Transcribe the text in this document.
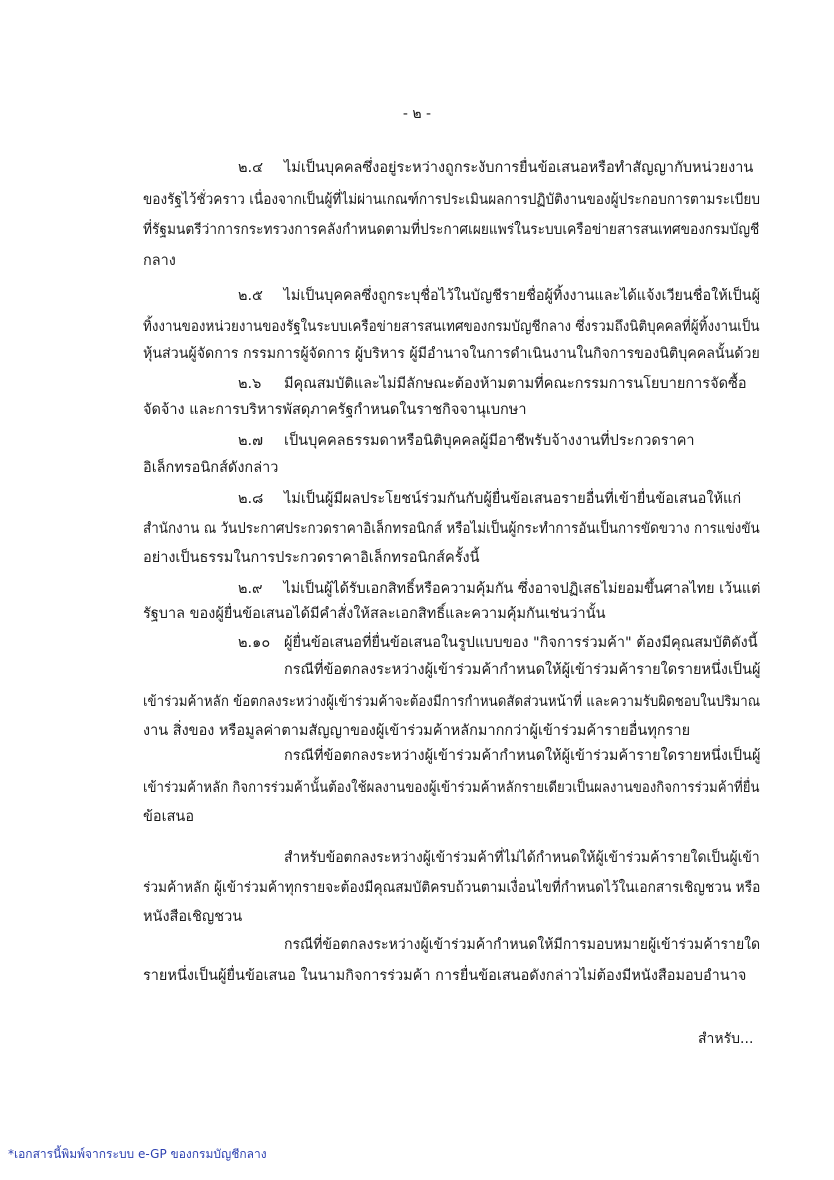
- ๒ -
๒.๔ ไม่เป็นบุคคลซึ่งอยู่ระหว่างถูกระงับการยื่นข้อเสนอหรือทำสัญญากับหน่วยงาน
ของรัฐไว้ชั่วคราว เนื่องจากเป็นผู้ที่ไม่ผ่านเกณฑ์การประเมินผลการปฏิบัติงานของผู้ประกอบการตามระเบียบ
ที่รัฐมนตรีว่าการกระทรวงการคลังกำหนดตามที่ประกาศเผยแพร่ในระบบเครือข่ายสารสนเทศของกรมบัญชี
กลาง
๒.๕ ไม่เป็นบุคคลซึ่งถูกระบุชื่อไว้ในบัญชีรายชื่อผู้ทิ้งงานและได้แจ้งเวียนชื่อให้เป็นผู้
ทิ้งงานของหน่วยงานของรัฐในระบบเครือข่ายสารสนเทศของกรมบัญชีกลาง ซึ่งรวมถึงนิติบุคคลที่ผู้ทิ้งงานเป็น
หุ้นส่วนผู้จัดการ กรรมการผู้จัดการ ผู้บริหาร ผู้มีอำนาจในการดำเนินงานในกิจการของนิติบุคคลนั้นด้วย
๒.๖ มีคุณสมบัติและไม่มีลักษณะต้องห้ามตามที่คณะกรรมการนโยบายการจัดซื้อ
จัดจ้าง และการบริหารพัสดุภาครัฐกำหนดในราชกิจจานุเบกษา
๒.๗ เป็นบุคคลธรรมดาหรือนิติบุคคลผู้มีอาชีพรับจ้างงานที่ประกวดราคา
อิเล็กทรอนิกส์ดังกล่าว
๒.๘ ไม่เป็นผู้มีผลประโยชน์ร่วมกันกับผู้ยื่นข้อเสนอรายอื่นที่เข้ายื่นข้อเสนอให้แก่
สำนักงาน ณ วันประกาศประกวดราคาอิเล็กทรอนิกส์ หรือไม่เป็นผู้กระทำการอันเป็นการขัดขวาง การแข่งขัน
อย่างเป็นธรรมในการประกวดราคาอิเล็กทรอนิกส์ครั้งนี้
๒.๙ ไม่เป็นผู้ได้รับเอกสิทธิ์หรือความคุ้มกัน ซึ่งอาจปฏิเสธไม่ยอมขึ้นศาลไทย เว้นแต่
รัฐบาล ของผู้ยื่นข้อเสนอได้มีคำสั่งให้สละเอกสิทธิ์และความคุ้มกันเช่นว่านั้น
๒.๑๐ ผู้ยื่นข้อเสนอที่ยื่นข้อเสนอในรูปแบบของ "กิจการร่วมค้า" ต้องมีคุณสมบัติดังนี้
กรณีที่ข้อตกลงระหว่างผู้เข้าร่วมค้ากำหนดให้ผู้เข้าร่วมค้ารายใดรายหนึ่งเป็นผู้
เข้าร่วมค้าหลัก ข้อตกลงระหว่างผู้เข้าร่วมค้าจะต้องมีการกำหนดสัดส่วนหน้าที่ และความรับผิดชอบในปริมาณ
งาน สิ่งของ หรือมูลค่าตามสัญญาของผู้เข้าร่วมค้าหลักมากกว่าผู้เข้าร่วมค้ารายอื่นทุกราย
กรณีที่ข้อตกลงระหว่างผู้เข้าร่วมค้ากำหนดให้ผู้เข้าร่วมค้ารายใดรายหนึ่งเป็นผู้
เข้าร่วมค้าหลัก กิจการร่วมค้านั้นต้องใช้ผลงานของผู้เข้าร่วมค้าหลักรายเดียวเป็นผลงานของกิจการร่วมค้าที่ยื่น
ข้อเสนอ
สำหรับข้อตกลงระหว่างผู้เข้าร่วมค้าที่ไม่ได้กำหนดให้ผู้เข้าร่วมค้ารายใดเป็นผู้เข้า
ร่วมค้าหลัก ผู้เข้าร่วมค้าทุกรายจะต้องมีคุณสมบัติครบถ้วนตามเงื่อนไขที่กำหนดไว้ในเอกสารเชิญชวน หรือ
หนังสือเชิญชวน
กรณีที่ข้อตกลงระหว่างผู้เข้าร่วมค้ากำหนดให้มีการมอบหมายผู้เข้าร่วมค้ารายใด
รายหนึ่งเป็นผู้ยื่นข้อเสนอ ในนามกิจการร่วมค้า การยื่นข้อเสนอดังกล่าวไม่ต้องมีหนังสือมอบอำนาจ
สำหรับ...
*เอกสารนี้พิมพ์จากระบบ e-GP ของกรมบัญชีกลาง
